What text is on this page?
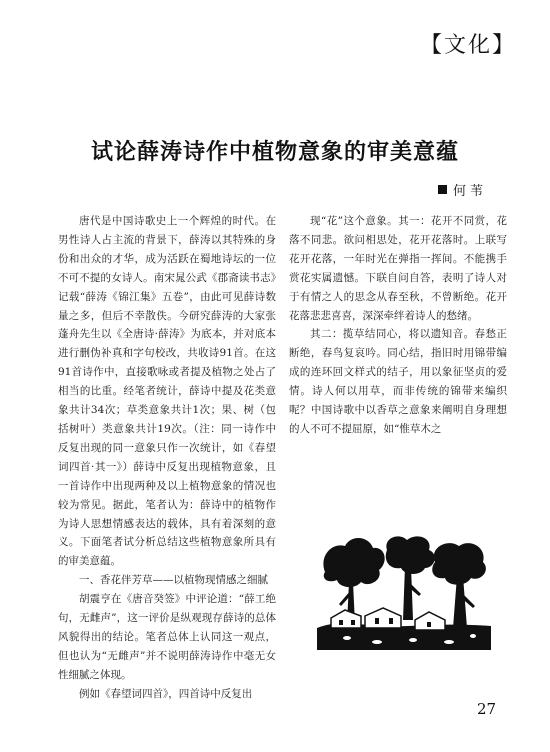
【文化】
试论薛涛诗作中植物意象的审美意蕴
何苇

唐代是中国诗歌史上一个辉煌的时代。在男性诗人占主流的背景下，薛涛以其特殊的身份和出众的才华，成为活跃在蜀地诗坛的一位不可不提的女诗人。南宋晁公武《郡斋读书志》记载“薛涛《锦江集》五卷”，由此可见薛诗数量之多，但后不幸散佚。今研究薛涛的大家张蓬舟先生以《全唐诗·薛涛》为底本，并对底本进行删伪补真和字句校改，共收诗91首。在这91首诗作中，直接歌咏或者提及植物之处占了相当的比重。经笔者统计，薛诗中提及花类意象共计34次；草类意象共计1次；果、树（包括树叶）类意象共计19次。（注：同一诗作中反复出现的同一意象只作一次统计，如《春望词四首·其一》）薛诗中反复出现植物意象，且一首诗作中出现两种及以上植物意象的情况也较为常见。据此，笔者认为：薛诗中的植物作为诗人思想情感表达的载体，具有着深刻的意义。下面笔者试分析总结这些植物意象所具有的审美意蕴。

一、香花伴芳草——以植物现情感之细腻

胡震亨在《唐音癸签》中评论道：“薛工绝句，无雌声”，这一评价是纵观现存薛诗的总体风貌得出的结论。笔者总体上认同这一观点，但也认为“无雌声”并不说明薛涛诗作中毫无女性细腻之体现。

例如《春望词四首》，四首诗中反复出

现“花”这个意象。其一：花开不同赏，花落不同悲。欲问相思处，花开花落时。上联写花开花落，一年时光在弹指一挥间。不能携手赏花实属遗憾。下联自问自答，表明了诗人对于有情之人的思念从春至秋，不曾断绝。花开花落悲悲喜喜，深深牵绊着诗人的愁绪。

其二：揽草结同心，将以遗知音。春愁正断绝，春鸟复哀吟。同心结，指旧时用锦带编成的连环回文样式的结子，用以象征坚贞的爱情。诗人何以用草，而非传统的锦带来编织呢？中国诗歌中以香草之意象来阐明自身理想的人不可不提屈原，如“惟草木之

27
